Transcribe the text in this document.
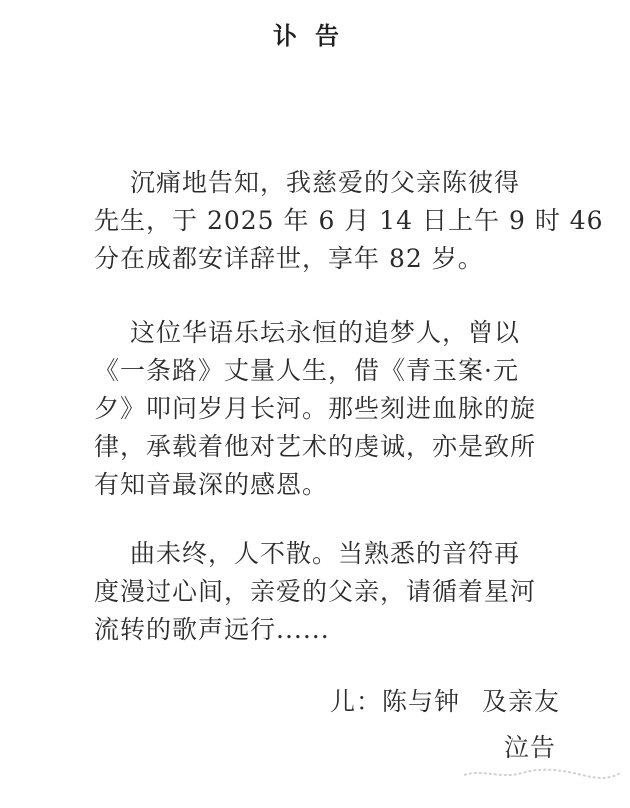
讣告
沉痛地告知，我慈爱的父亲陈彼得
先生，于 2025 年 6 月 14 日上午 9 时 46
分在成都安详辞世，享年 82 岁。
这位华语乐坛永恒的追梦人，曾以
《一条路》丈量人生，借《青玉案·元
夕》叩问岁月长河。那些刻进血脉的旋
律，承载着他对艺术的虔诚，亦是致所
有知音最深的感恩。
曲未终，人不散。当熟悉的音符再
度漫过心间，亲爱的父亲，请循着星河
流转的歌声远行......
儿：陈与钟 及亲友
泣告
